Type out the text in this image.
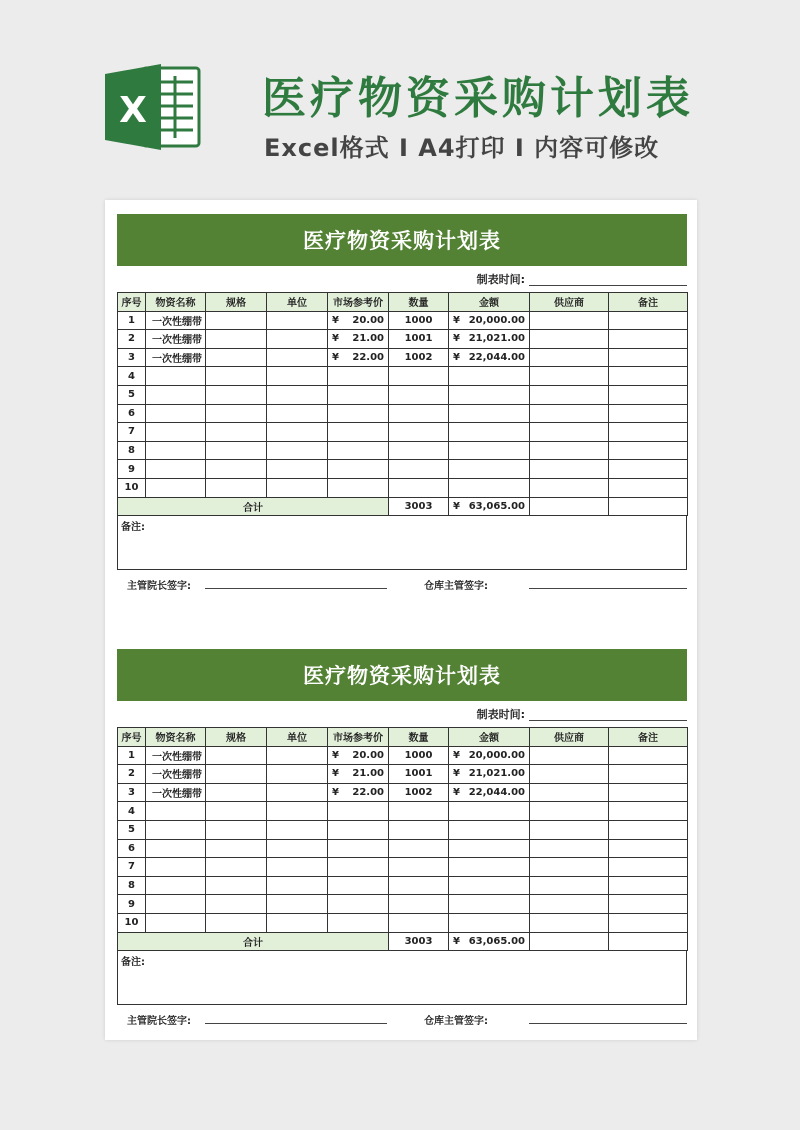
X	医疗物资采购计划表
Excel格式 I A4打印 I 内容可修改
医疗物资采购计划表
制表时间:
序号	物资名称	规格	单位	市场参考价	数量	金额	供应商	备注
1	一次性绷带			¥ 20.00	1000	¥ 20,000.00		

2	一次性绷带			¥ 21.00	1001	¥ 21,021.00		

3	一次性绷带			¥ 22.00	1002	¥ 22,044.00		

4				

5				

6				

7				

8				

9				

10				

合计					3003	¥ 63,065.00		

备注:
主管院长签字:	仓库主管签字:
医疗物资采购计划表
制表时间:
序号	物资名称	规格	单位	市场参考价	数量	金额	供应商	备注
1	一次性绷带			¥ 20.00	1000	¥ 20,000.00		

2	一次性绷带			¥ 21.00	1001	¥ 21,021.00		

3	一次性绷带			¥ 22.00	1002	¥ 22,044.00		

4				

5				

6				

7				

8				

9				

10				

合计					3003	¥ 63,065.00		

备注:
主管院长签字:	仓库主管签字:
